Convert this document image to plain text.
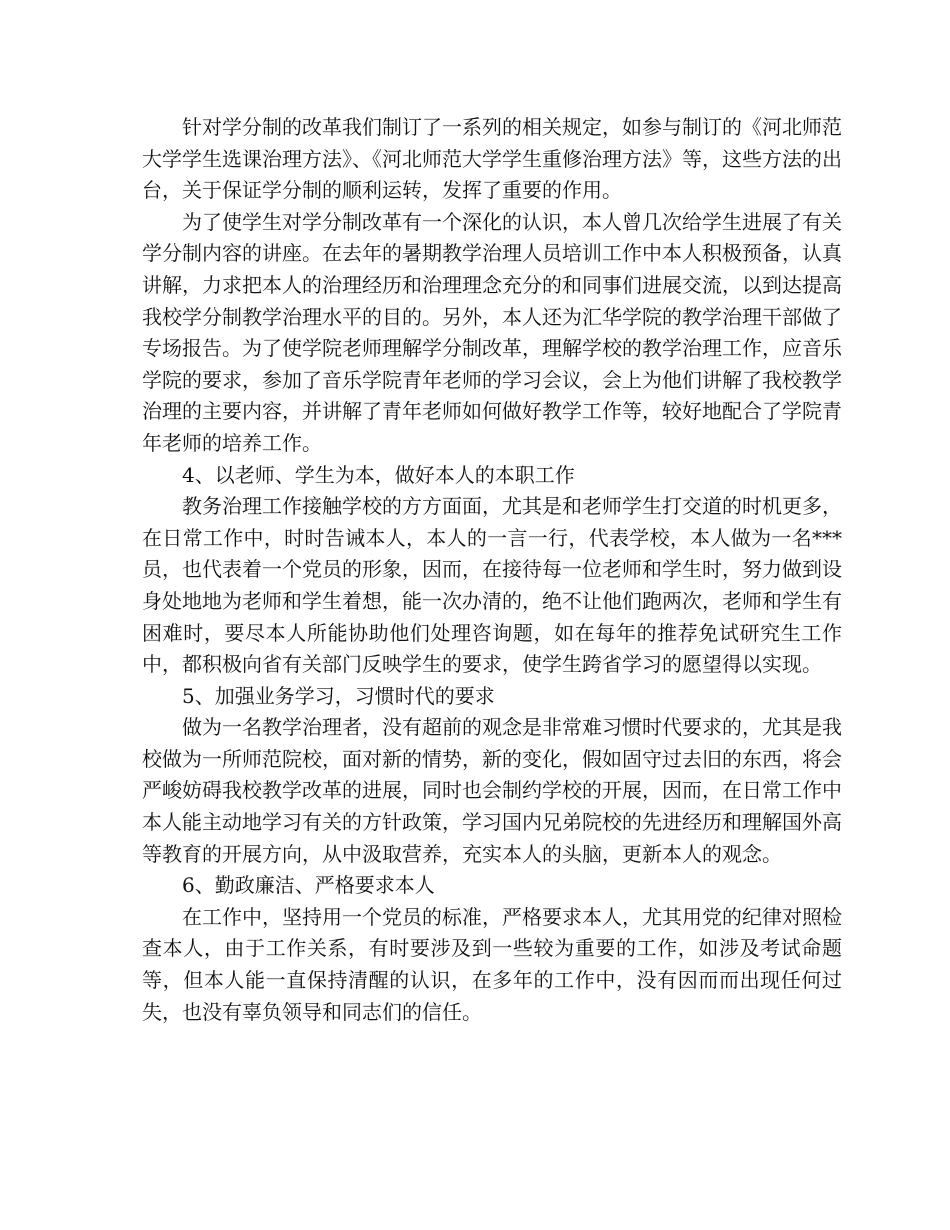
针对学分制的改革我们制订了一系列的相关规定，如参与制订的《河北师范大学学生选课治理方法》、《河北师范大学学生重修治理方法》等，这些方法的出台，关于保证学分制的顺利运转，发挥了重要的作用。

为了使学生对学分制改革有一个深化的认识，本人曾几次给学生进展了有关学分制内容的讲座。在去年的暑期教学治理人员培训工作中本人积极预备，认真讲解，力求把本人的治理经历和治理理念充分的和同事们进展交流，以到达提高我校学分制教学治理水平的目的。另外，本人还为汇华学院的教学治理干部做了专场报告。为了使学院老师理解学分制改革，理解学校的教学治理工作，应音乐学院的要求，参加了音乐学院青年老师的学习会议，会上为他们讲解了我校教学治理的主要内容，并讲解了青年老师如何做好教学工作等，较好地配合了学院青年老师的培养工作。

4、以老师、学生为本，做好本人的本职工作

教务治理工作接触学校的方方面面，尤其是和老师学生打交道的时机更多，在日常工作中，时时告诫本人，本人的一言一行，代表学校，本人做为一名***员，也代表着一个党员的形象，因而，在接待每一位老师和学生时，努力做到设身处地地为老师和学生着想，能一次办清的，绝不让他们跑两次，老师和学生有困难时，要尽本人所能协助他们处理咨询题，如在每年的推荐免试研究生工作中，都积极向省有关部门反映学生的要求，使学生跨省学习的愿望得以实现。

5、加强业务学习，习惯时代的要求

做为一名教学治理者，没有超前的观念是非常难习惯时代要求的，尤其是我校做为一所师范院校，面对新的情势，新的变化，假如固守过去旧的东西，将会严峻妨碍我校教学改革的进展，同时也会制约学校的开展，因而，在日常工作中本人能主动地学习有关的方针政策，学习国内兄弟院校的先进经历和理解国外高等教育的开展方向，从中汲取营养，充实本人的头脑，更新本人的观念。

6、勤政廉洁、严格要求本人

在工作中，坚持用一个党员的标准，严格要求本人，尤其用党的纪律对照检查本人，由于工作关系，有时要涉及到一些较为重要的工作，如涉及考试命题等，但本人能一直保持清醒的认识，在多年的工作中，没有因而而出现任何过失，也没有辜负领导和同志们的信任。
